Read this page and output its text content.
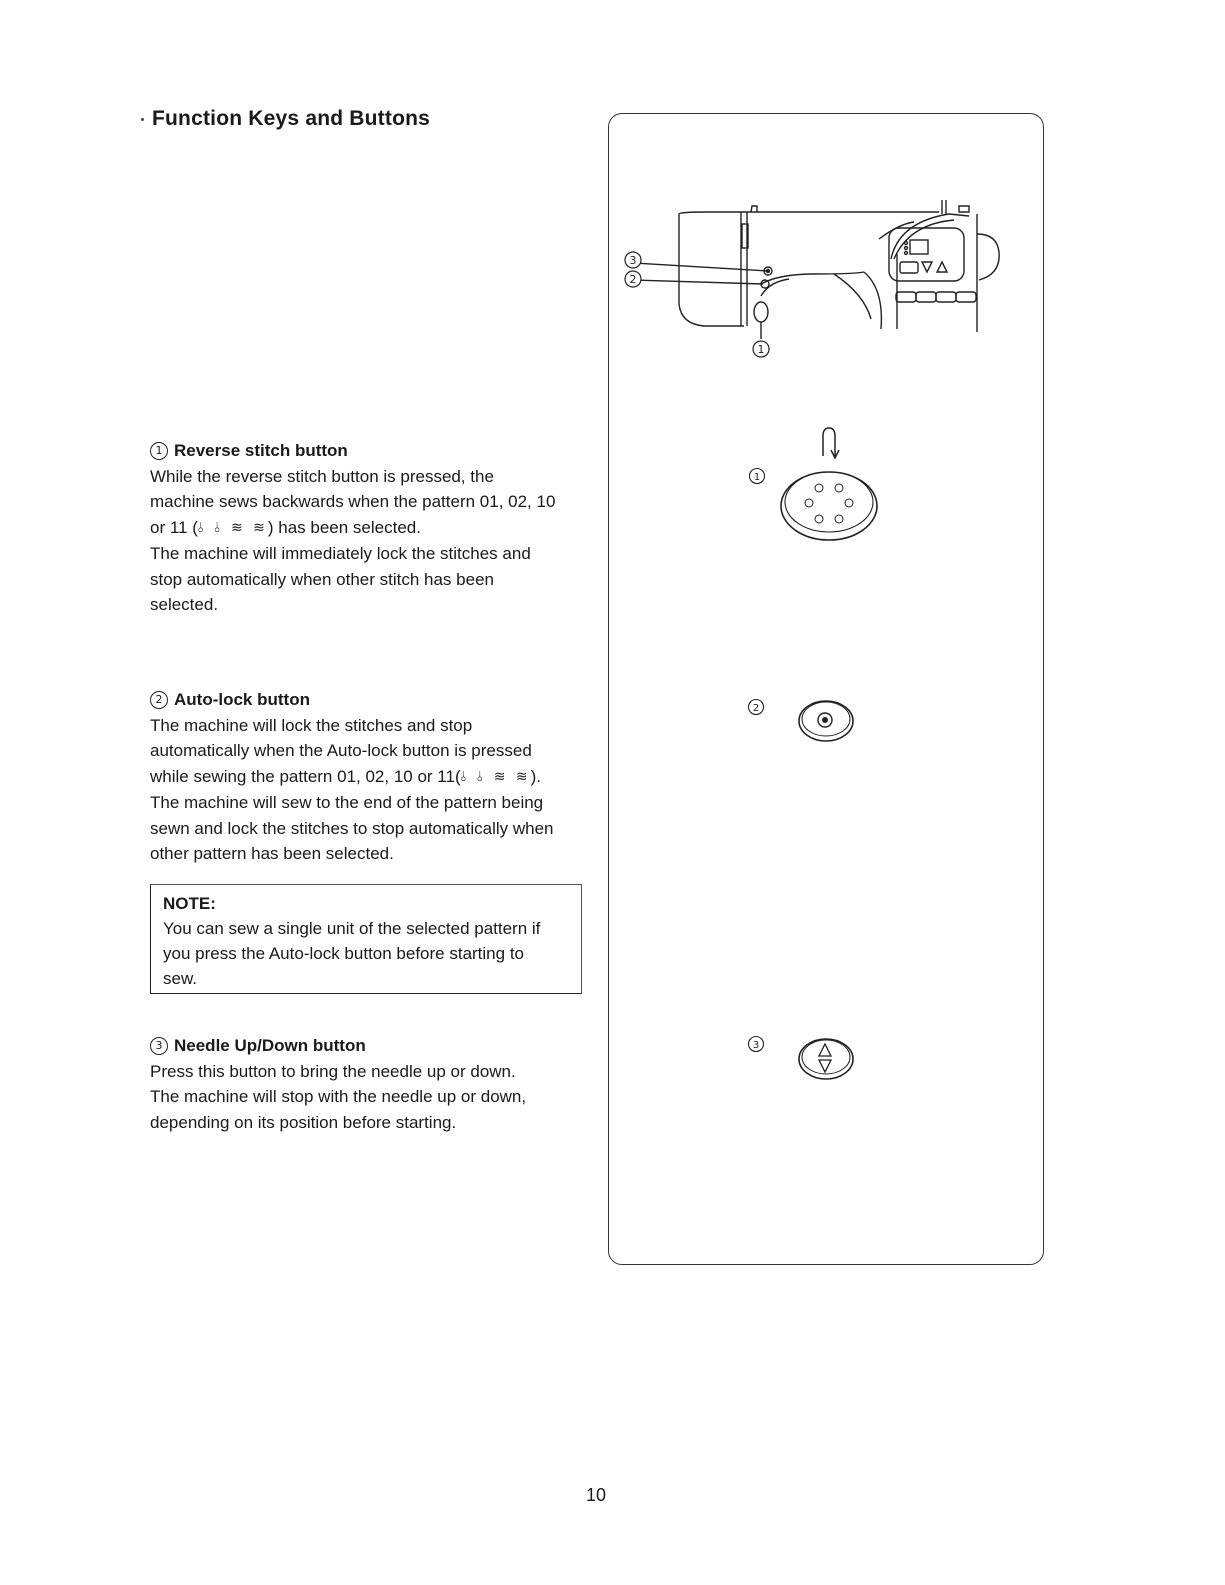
Function Keys and Buttons
1 Reverse stitch button

While the reverse stitch button is pressed, the

machine sews backwards when the pattern 01, 02, 10

or 11 (⫰ ⫰ ≋ ≋) has been selected.

The machine will immediately lock the stitches and

stop automatically when other stitch has been

selected.

2 Auto-lock button

The machine will lock the stitches and stop

automatically when the Auto-lock button is pressed

while sewing the pattern 01, 02, 10 or 11(⫰ ⫰ ≋ ≋).

The machine will sew to the end of the pattern being

sewn and lock the stitches to stop automatically when

other pattern has been selected.

NOTE:
You can sew a single unit of the selected pattern if
you press the Auto-lock button before starting to
sew.
3 Needle Up/Down button

Press this button to bring the needle up or down.

The machine will stop with the needle up or down,

depending on its position before starting.

3
2
1
1
2
3
10
